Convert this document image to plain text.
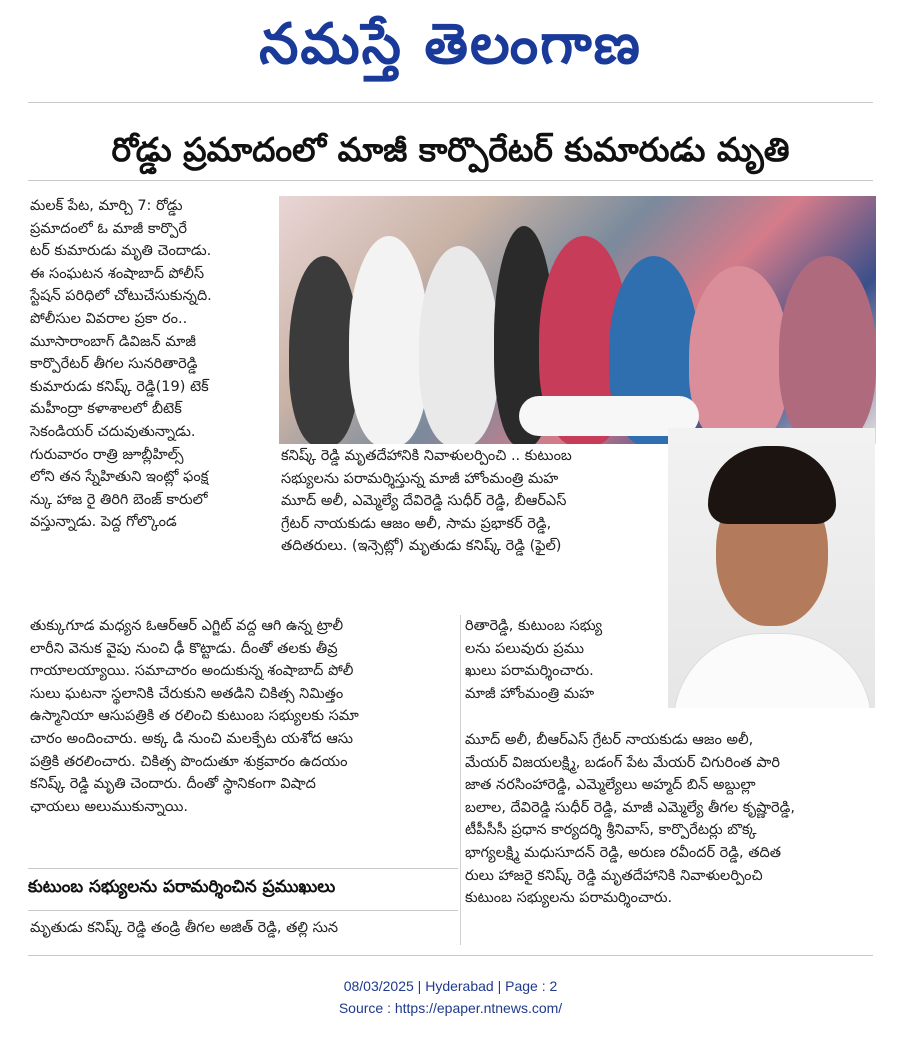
నమస్తే తెలంగాణ
రోడ్డు ప్రమాదంలో మాజీ కార్పొరేటర్ కుమారుడు మృతి

మలక్ పేట, మార్చి 7: రోడ్డు

ప్రమాదంలో ఓ మాజీ కార్పొరే

టర్ కుమారుడు మృతి చెందాడు.

ఈ సంఘటన శంషాబాద్ పోలీస్

స్టేషన్ పరిధిలో చోటుచేసుకున్నది.

పోలీసుల వివరాల ప్రకా రం..

మూసారాంబాగ్ డివిజన్ మాజీ

కార్పొరేటర్ తీగల సునరితారెడ్డి

కుమారుడు కనిష్క్ రెడ్డి(19) టెక్

మహీంద్రా కళాశాలలో బీటెక్

సెకండియర్ చదువుతున్నాడు.

గురువారం రాత్రి జూబ్లీహిల్స్

లోని తన స్నేహితుని ఇంట్లో ఫంక్ష

న్కు హాజ రై తిరిగి బెంజ్ కారులో

వస్తున్నాడు. పెద్ద గోల్కొండ

కనిష్క్ రెడ్డి మృతదేహానికి నివాళులర్పించి .. కుటుంబ

సభ్యులను పరామర్శిస్తున్న మాజీ హోంమంత్రి మహ

మూద్ అలీ, ఎమ్మెల్యే దేవిరెడ్డి సుధీర్ రెడ్డి, బీఆర్ఎస్

గ్రేటర్ నాయకుడు ఆజం అలీ, సామ ప్రభాకర్ రెడ్డి,

తదితరులు. (ఇన్సెట్లో) మృతుడు కనిష్క్ రెడ్డి (ఫైల్)

తుక్కుగూడ మధ్యన ఓఆర్ఆర్ ఎగ్జిట్ వద్ద ఆగి ఉన్న ట్రాలీ

లారీని వెనుక వైపు నుంచి ఢీ కొట్టాడు. దీంతో తలకు తీవ్ర

గాయాలయ్యాయి. సమాచారం అందుకున్న శంషాబాద్ పోలీ

సులు ఘటనా స్థలానికి చేరుకుని అతడిని చికిత్స నిమిత్తం

ఉస్మానియా ఆసుపత్రికి త రలించి కుటుంబ సభ్యులకు సమా

చారం అందించారు. అక్క డి నుంచి మలక్పేట యశోద ఆసు

పత్రికి తరలించారు. చికిత్స పొందుతూ శుక్రవారం ఉదయం

కనిష్క్ రెడ్డి మృతి చెందారు. దీంతో స్థానికంగా విషాద

ఛాయలు అలుముకున్నాయి.

రితారెడ్డి, కుటుంబ సభ్యు

లను పలువురు ప్రము

ఖులు పరామర్శించారు.

మాజీ హోంమంత్రి మహ

మూద్ అలీ, బీఆర్ఎస్ గ్రేటర్ నాయకుడు ఆజం అలీ,

మేయర్ విజయలక్ష్మి, బడంగ్ పేట మేయర్ చిగురింత పారి

జాత నరసింహారెడ్డి, ఎమ్మెల్యేలు అహ్మద్ బిన్ అబ్దుల్లా

బలాల, దేవిరెడ్డి సుధీర్ రెడ్డి, మాజీ ఎమ్మెల్యే తీగల కృష్ణారెడ్డి,

టీపీసీసీ ప్రధాన కార్యదర్శి శ్రీనివాస్, కార్పొరేటర్లు బొక్క

భాగ్యలక్ష్మి మధుసూదన్ రెడ్డి, అరుణ రవీందర్ రెడ్డి, తదిత

రులు హాజరై కనిష్క్ రెడ్డి మృతదేహానికి నివాళులర్పించి

కుటుంబ సభ్యులను పరామర్శించారు.

కుటుంబ సభ్యులను పరామర్శించిన ప్రముఖులు

మృతుడు కనిష్క్ రెడ్డి తండ్రి తీగల అజిత్ రెడ్డి, తల్లి సున

08/03/2025 | Hyderabad | Page : 2
Source : https://epaper.ntnews.com/
